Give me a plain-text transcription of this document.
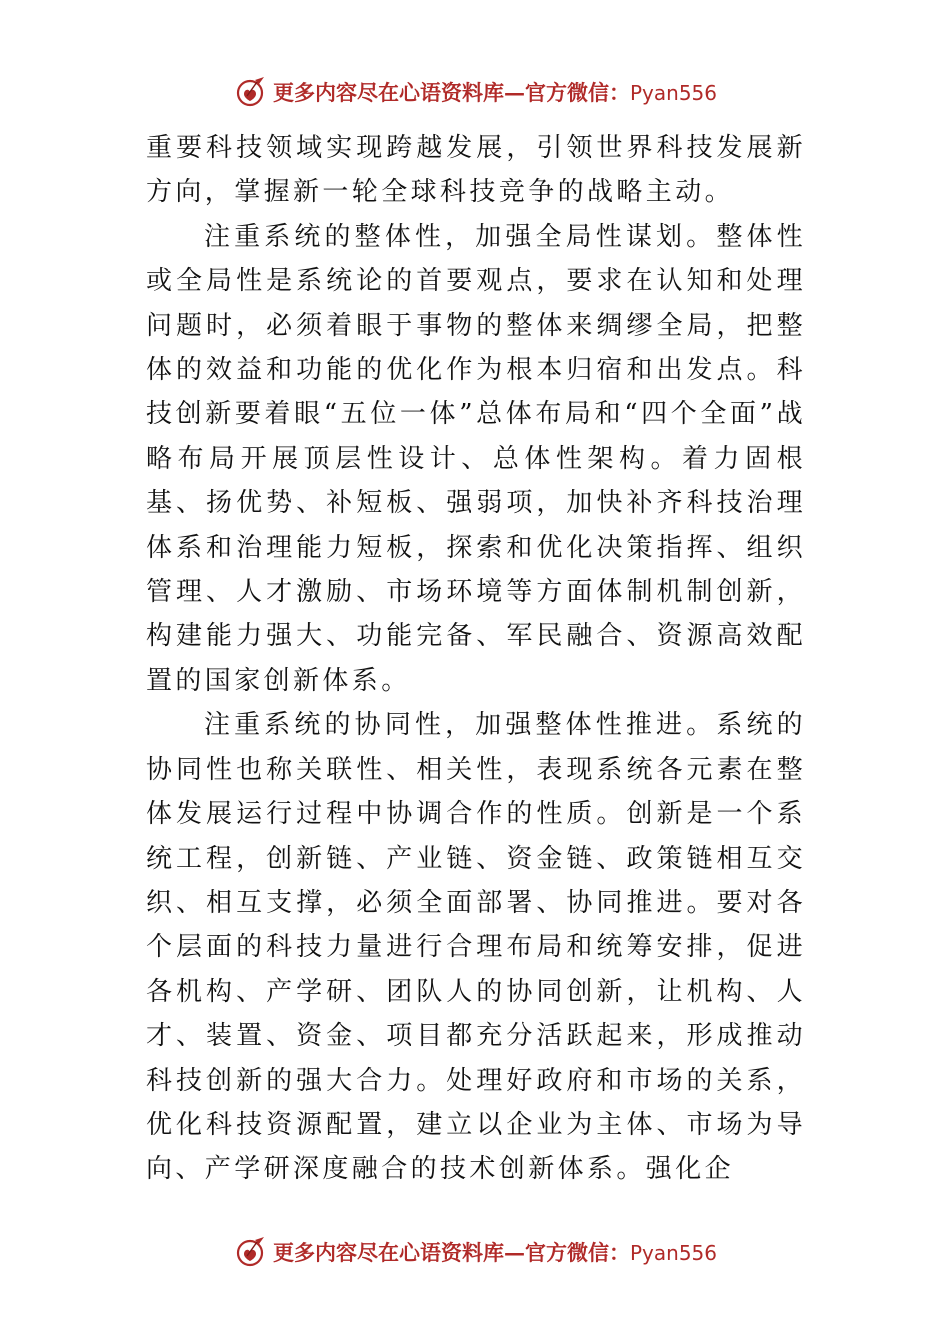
更多内容尽在心语资料库—官方微信：Pyan556

重要科技领域实现跨越发展，引领世界科技发展新方向，掌握新一轮全球科技竞争的战略主动。

注重系统的整体性，加强全局性谋划。整体性或全局性是系统论的首要观点，要求在认知和处理问题时，必须着眼于事物的整体来绸缪全局，把整体的效益和功能的优化作为根本归宿和出发点。科技创新要着眼“五位一体”总体布局和“四个全面”战略布局开展顶层性设计、总体性架构。着力固根基、扬优势、补短板、强弱项，加快补齐科技治理体系和治理能力短板，探索和优化决策指挥、组织管理、人才激励、市场环境等方面体制机制创新，构建能力强大、功能完备、军民融合、资源高效配置的国家创新体系。

注重系统的协同性，加强整体性推进。系统的协同性也称关联性、相关性，表现系统各元素在整体发展运行过程中协调合作的性质。创新是一个系统工程，创新链、产业链、资金链、政策链相互交织、相互支撑，必须全面部署、协同推进。要对各个层面的科技力量进行合理布局和统筹安排，促进各机构、产学研、团队人的协同创新，让机构、人才、装置、资金、项目都充分活跃起来，形成推动科技创新的强大合力。处理好政府和市场的关系，优化科技资源配置，建立以企业为主体、市场为导向、产学研深度融合的技术创新体系。强化企

更多内容尽在心语资料库—官方微信：Pyan556
